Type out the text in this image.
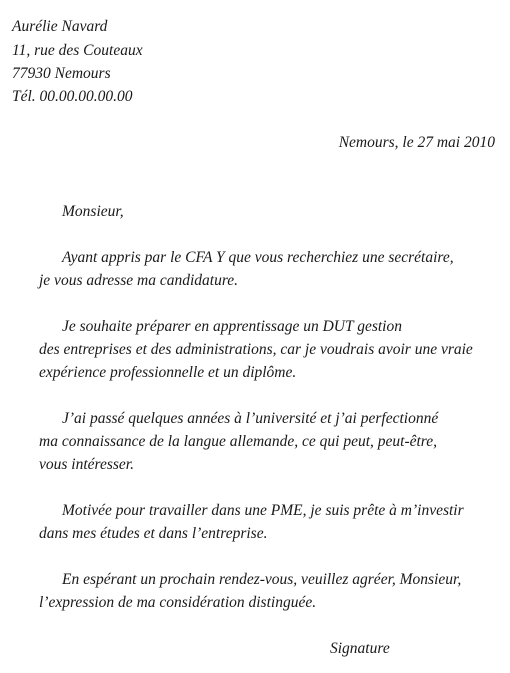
Aurélie Navard
11, rue des Couteaux
77930 Nemours
Tél. 00.00.00.00.00
Nemours, le 27 mai 2010
Monsieur,
Ayant appris par le CFA Y que vous recherchiez une secrétaire,
je vous adresse ma candidature.
Je souhaite préparer en apprentissage un DUT gestion
des entreprises et des administrations, car je voudrais avoir une vraie
expérience professionnelle et un diplôme.
J’ai passé quelques années à l’université et j’ai perfectionné
ma connaissance de la langue allemande, ce qui peut, peut-être,
vous intéresser.
Motivée pour travailler dans une PME, je suis prête à m’investir
dans mes études et dans l’entreprise.
En espérant un prochain rendez-vous, veuillez agréer, Monsieur,
l’expression de ma considération distinguée.
Signature
